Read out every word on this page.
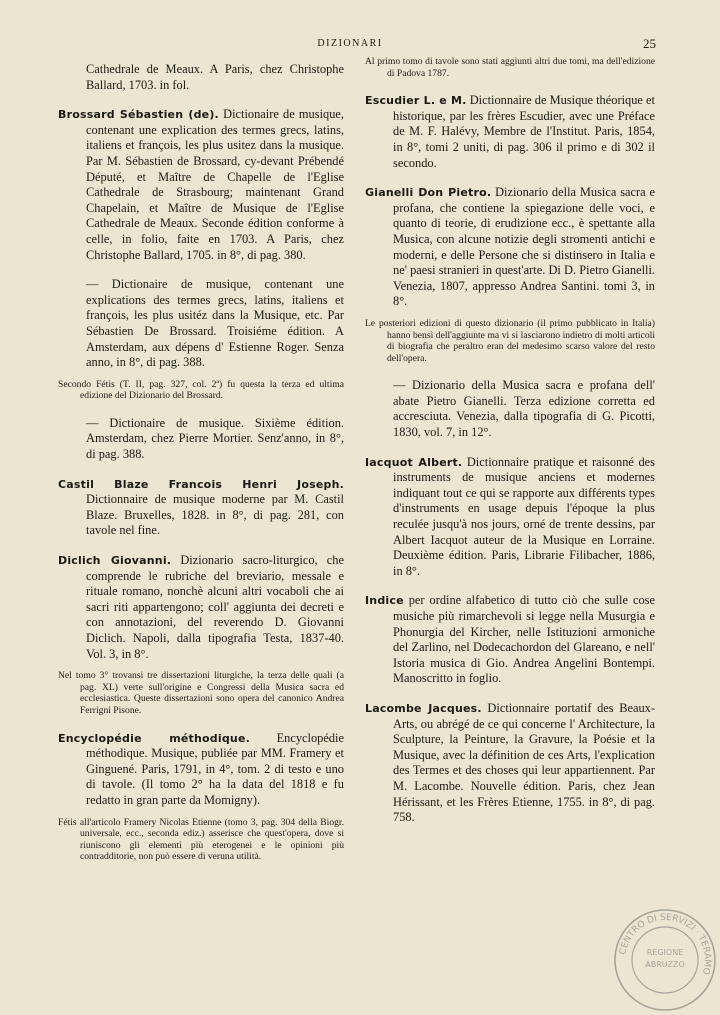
DIZIONARI	25

Cathedrale de Meaux. A Paris, chez Christophe Ballard, 1703. in fol.

Brossard Sébastien (de). Dictionaire de musique, contenant une explication des termes grecs, latins, italiens et françois, les plus usitez dans la musique. Par M. Sébastien de Brossard, cy-devant Prébendé Député, et Maître de Chapelle de l'Eglise Cathedrale de Strasbourg; maintenant Grand Chapelain, et Maître de Musique de l'Eglise Cathedrale de Meaux. Seconde édition conforme à celle, in folio, faite en 1703. A Paris, chez Christophe Ballard, 1705. in 8°, di pag. 380.

— Dictionaire de musique, contenant une explications des termes grecs, latins, italiens et françois, les plus usitéz dans la Musique, etc. Par Sébastien De Brossard. Troisiéme édition. A Amsterdam, aux dépens d' Estienne Roger. Senza anno, in 8°, di pag. 388.

Secondo Fétis (T. II, pag. 327, col. 2ª) fu questa la terza ed ultima edizione del Dizionario del Brossard.

— Dictionaire de musique. Sixième édition. Amsterdam, chez Pierre Mortier. Senz'anno, in 8°, di pag. 388.

Castil Blaze Francois Henri Joseph. Dictionnaire de musique moderne par M. Castil Blaze. Bruxelles, 1828. in 8°, di pag. 281, con tavole nel fine.

Diclich Giovanni. Dizionario sacro-liturgico, che comprende le rubriche del breviario, messale e rituale romano, nonchè alcuni altri vocaboli che ai sacri riti appartengono; coll' aggiunta dei decreti e con annotazioni, del reverendo D. Giovanni Diclich. Napoli, dalla tipografia Testa, 1837-40. Vol. 3, in 8°.

Nel tomo 3° trovansi tre dissertazioni liturgiche, la terza delle quali (a pag. XL) verte sull'origine e Congressi della Musica sacra ed ecclesiastica. Queste dissertazioni sono opera del canonico Andrea Ferrigni Pisone.

Encyclopédie méthodique. Encyclopédie méthodique. Musique, publiée par MM. Framery et Ginguené. Paris, 1791, in 4°, tom. 2 di testo e uno di tavole. (Il tomo 2° ha la data del 1818 e fu redatto in gran parte da Momigny).

Fétis all'articolo Framery Nicolas Etienne (tomo 3, pag. 304 della Biogr. universale, ecc., seconda ediz.) asserisce che quest'opera, dove si riuniscono gli elementi più eterogenei e le opinioni più contradditorie, non può essere di veruna utilità.

Al primo tomo di tavole sono stati aggiunti altri due tomi, ma dell'edizione di Padova 1787.

Escudier L. e M. Dictionnaire de Musique théorique et historique, par les frères Escudier, avec une Préface de M. F. Halévy, Membre de l'Institut. Paris, 1854, in 8°, tomi 2 uniti, di pag. 306 il primo e di 302 il secondo.

Gianelli Don Pietro. Dizionario della Musica sacra e profana, che contiene la spiegazione delle voci, e quanto di teorie, di erudizione ecc., è spettante alla Musica, con alcune notizie degli stromenti antichi e moderni, e delle Persone che si distinsero in Italia e ne' paesi stranieri in quest'arte. Di D. Pietro Gianelli. Venezia, 1807, appresso Andrea Santini. tomi 3, in 8°.

Le posteriori edizioni di questo dizionario (il primo pubblicato in Italia) hanno bensì dell'aggiunte ma vi si lasciarono indietro di molti articoli di biografia che peraltro eran del medesimo scarso valore del resto dell'opera.

— Dizionario della Musica sacra e profana dell' abate Pietro Gianelli. Terza edizione corretta ed accresciuta. Venezia, dalla tipografia di G. Picotti, 1830, vol. 7, in 12°.

Iacquot Albert. Dictionnaire pratique et raisonné des instruments de musique anciens et modernes indiquant tout ce qui se rapporte aux différents types d'instruments en usage depuis l'époque la plus reculée jusqu'à nos jours, orné de trente dessins, par Albert Iacquot auteur de la Musique en Lorraine. Deuxième édition. Paris, Librarie Filibacher, 1886, in 8°.

Indice per ordine alfabetico di tutto ciò che sulle cose musiche più rimarchevoli si legge nella Musurgia e Phonurgia del Kircher, nelle Istituzioni armoniche del Zarlino, nel Dodecachordon del Glareano, e nell' Istoria musica di Gio. Andrea Angelini Bontempi. Manoscritto in foglio.

Lacombe Jacques. Dictionnaire portatif des Beaux-Arts, ou abrégé de ce qui concerne l' Architecture, la Sculpture, la Peinture, la Gravure, la Poésie et la Musique, avec la définition de ces Arts, l'explication des Termes et des choses qui leur appartiennent. Par M. Lacombe. Nouvelle édition. Paris, chez Jean Hérissant, et les Frères Etienne, 1755. in 8°, di pag. 758.

CENTRO DI SERVIZI · TERAMO
REGIONE
ABRUZZO
